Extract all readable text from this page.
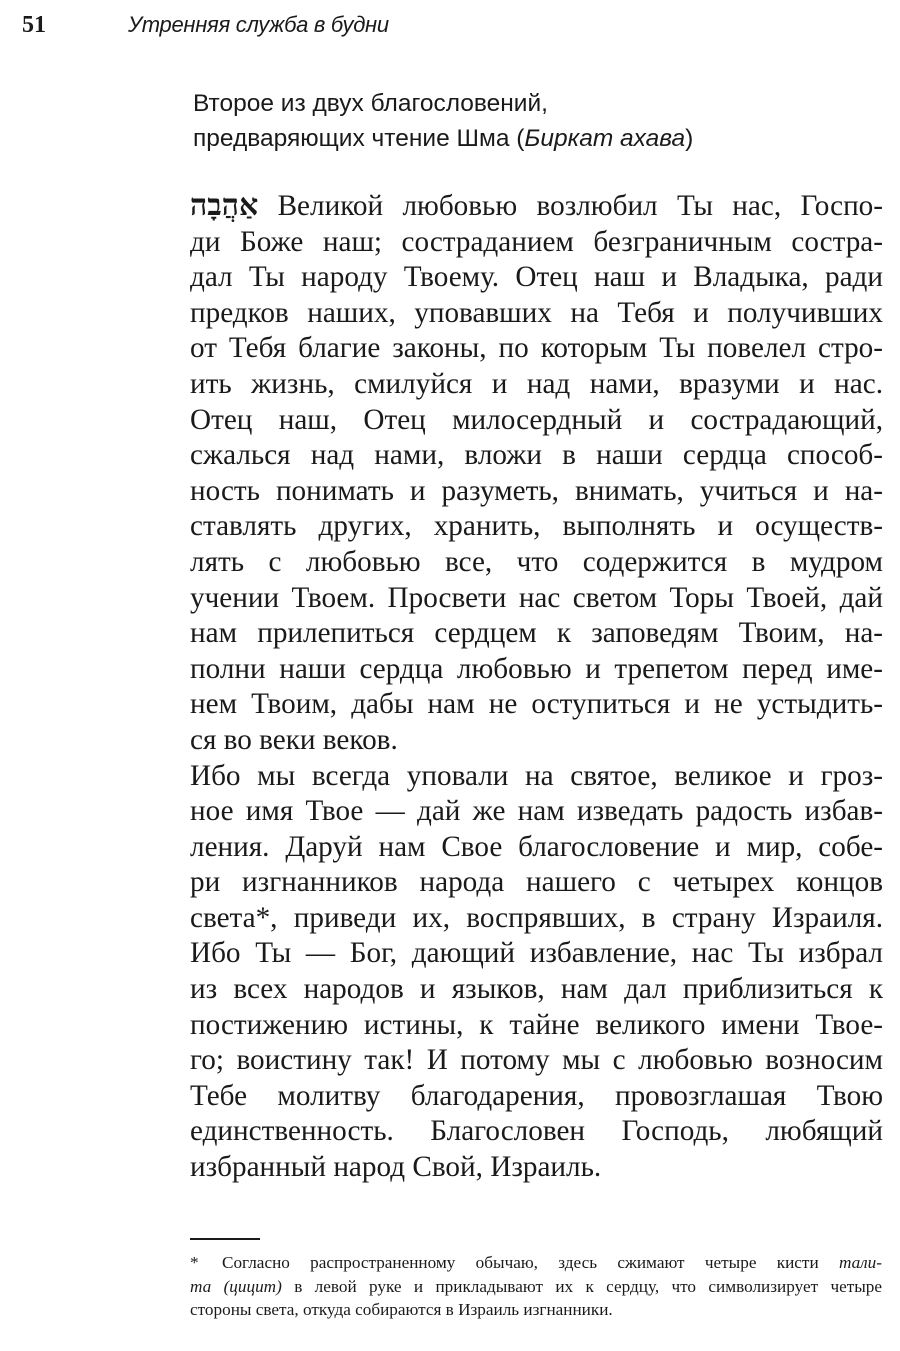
51	Утренняя служба в будни
Второе из двух благословений,
предваряющих чтение Шма (Биркат ахава)
אַהֲבָה Великой любовью возлюбил Ты нас, Госпо-
ди Боже наш; состраданием безграничным сострa-
дал Ты народу Твоему. Отец наш и Владыка, ради
предков наших, уповавших на Тебя и получивших
от Тебя благие законы, по которым Ты повелел стро-
ить жизнь, смилуйся и над нами, вразуми и нас.
Отец наш, Отец милосердный и сострадающий,
сжалься над нами, вложи в наши сердца способ-
ность понимать и разуметь, внимать, учиться и на-
ставлять других, хранить, выполнять и осуществ-
лять с любовью все, что содержится в мудром
учении Твоем. Просвети нас светом Торы Твоей, дай
нам прилепиться сердцем к заповедям Твоим, на-
полни наши сердца любовью и трепетом перед име-
нем Твоим, дабы нам не оступиться и не устыдить-
ся во веки веков.
Ибо мы всегда уповали на святое, великое и гроз-
ное имя Твое — дай же нам изведать радость избав-
ления. Даруй нам Свое благословение и мир, собе-
ри изгнанников народа нашего с четырех концов
света*, приведи их, воспрявших, в страну Израиля.
Ибо Ты — Бог, дающий избавление, нас Ты избрал
из всех народов и языков, нам дал приблизиться к
постижению истины, к тайне великого имени Твое-
го; воистину так! И потому мы с любовью возносим
Тебе молитву благодарения, провозглашая Твою
единственность. Благословен Господь, любящий
избранный народ Свой, Израиль.
* Согласно распространенному обычаю, здесь сжимают четыре кисти тали-
та (цицит) в левой руке и прикладывают их к сердцу, что символизирует четыре
стороны света, откуда собираются в Израиль изгнанники.
